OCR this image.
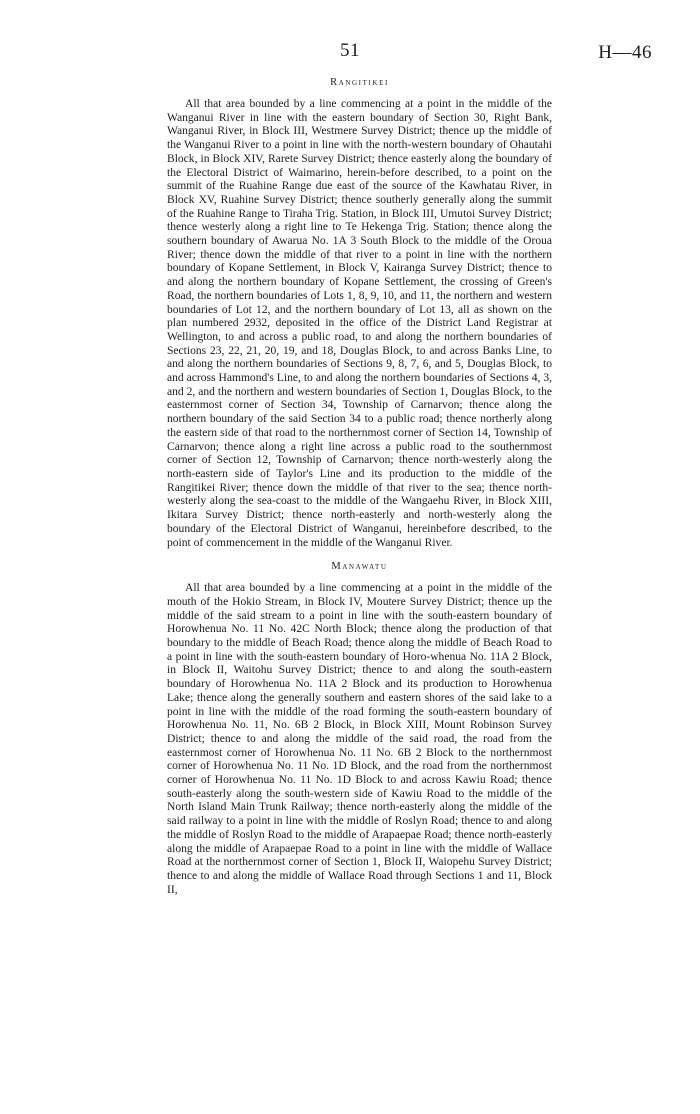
51	H—46
Rangitikei

All that area bounded by a line commencing at a point in the middle of the Wanganui River in line with the eastern boundary of Section 30, Right Bank, Wanganui River, in Block III, Westmere Survey District; thence up the middle of the Wanganui River to a point in line with the north-western boundary of Ohautahi Block, in Block XIV, Rarete Survey District; thence easterly along the boundary of the Electoral District of Waimarino, herein-before described, to a point on the summit of the Ruahine Range due east of the source of the Kawhatau River, in Block XV, Ruahine Survey District; thence southerly generally along the summit of the Ruahine Range to Tiraha Trig. Station, in Block III, Umutoi Survey District; thence westerly along a right line to Te Hekenga Trig. Station; thence along the southern boundary of Awarua No. 1A 3 South Block to the middle of the Oroua River; thence down the middle of that river to a point in line with the northern boundary of Kopane Settlement, in Block V, Kairanga Survey District; thence to and along the northern boundary of Kopane Settlement, the crossing of Green's Road, the northern boundaries of Lots 1, 8, 9, 10, and 11, the northern and western boundaries of Lot 12, and the northern boundary of Lot 13, all as shown on the plan numbered 2932, deposited in the office of the District Land Registrar at Wellington, to and across a public road, to and along the northern boundaries of Sections 23, 22, 21, 20, 19, and 18, Douglas Block, to and across Banks Line, to and along the northern boundaries of Sections 9, 8, 7, 6, and 5, Douglas Block, to and across Hammond's Line, to and along the northern boundaries of Sections 4, 3, and 2, and the northern and western boundaries of Section 1, Douglas Block, to the easternmost corner of Section 34, Township of Carnarvon; thence along the northern boundary of the said Section 34 to a public road; thence northerly along the eastern side of that road to the northernmost corner of Section 14, Township of Carnarvon; thence along a right line across a public road to the southernmost corner of Section 12, Township of Carnarvon; thence north-westerly along the north-eastern side of Taylor's Line and its production to the middle of the Rangitikei River; thence down the middle of that river to the sea; thence north-westerly along the sea-coast to the middle of the Wangaehu River, in Block XIII, Ikitara Survey District; thence north-easterly and north-westerly along the boundary of the Electoral District of Wanganui, hereinbefore described, to the point of commencement in the middle of the Wanganui River.

Manawatu

All that area bounded by a line commencing at a point in the middle of the mouth of the Hokio Stream, in Block IV, Moutere Survey District; thence up the middle of the said stream to a point in line with the south-eastern boundary of Horowhenua No. 11 No. 42C North Block; thence along the production of that boundary to the middle of Beach Road; thence along the middle of Beach Road to a point in line with the south-eastern boundary of Horo-whenua No. 11A 2 Block, in Block II, Waitohu Survey District; thence to and along the south-eastern boundary of Horowhenua No. 11A 2 Block and its production to Horowhenua Lake; thence along the generally southern and eastern shores of the said lake to a point in line with the middle of the road forming the south-eastern boundary of Horowhenua No. 11, No. 6B 2 Block, in Block XIII, Mount Robinson Survey District; thence to and along the middle of the said road, the road from the easternmost corner of Horowhenua No. 11 No. 6B 2 Block to the northernmost corner of Horowhenua No. 11 No. 1D Block, and the road from the northernmost corner of Horowhenua No. 11 No. 1D Block to and across Kawiu Road; thence south-easterly along the south-western side of Kawiu Road to the middle of the North Island Main Trunk Railway; thence north-easterly along the middle of the said railway to a point in line with the middle of Roslyn Road; thence to and along the middle of Roslyn Road to the middle of Arapaepae Road; thence north-easterly along the middle of Arapaepae Road to a point in line with the middle of Wallace Road at the northernmost corner of Section 1, Block II, Waiopehu Survey District; thence to and along the middle of Wallace Road through Sections 1 and 11, Block II,
